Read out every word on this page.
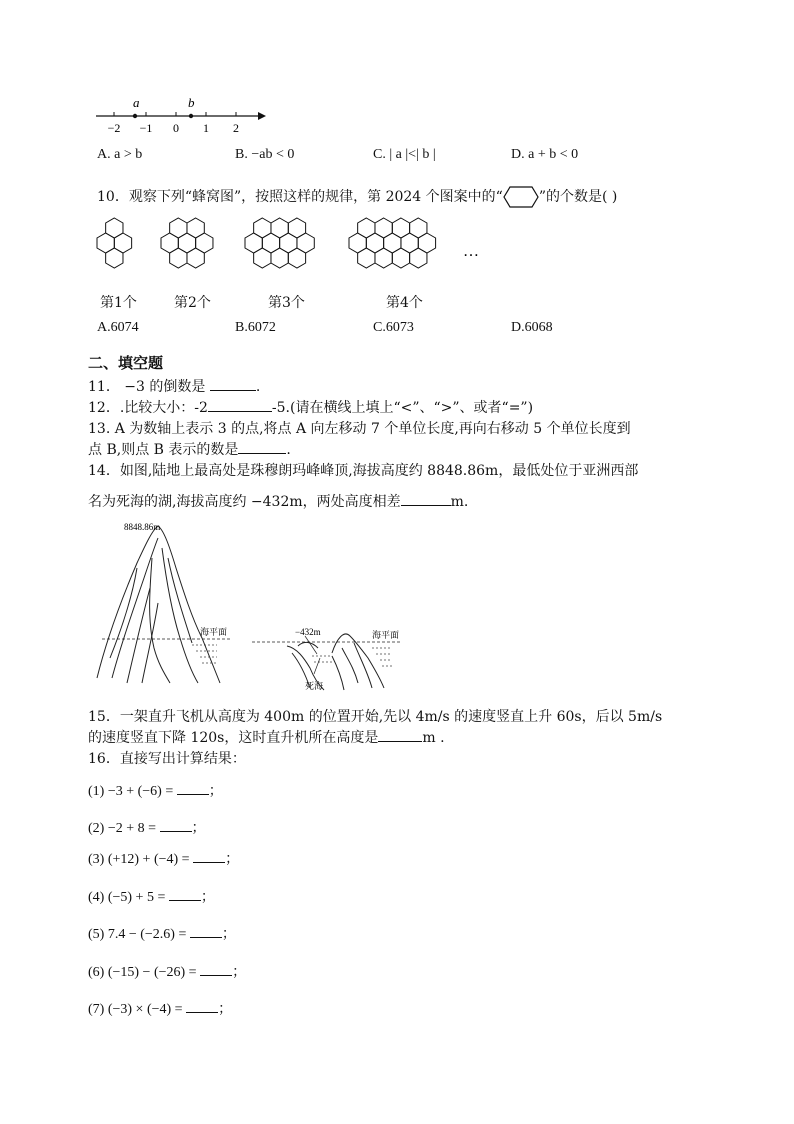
−2 −1 0 1 2
a	b
A. a > b	B. −ab < 0	C. | a |<| b |	D. a + b < 0
10．观察下列“蜂窝图”，按照这样的规律，第 2024 个图案中的“	”的个数是( )
…
第1个	第2个	第3个	第4个
A.6074	B.6072	C.6073	D.6068
二、填空题
11． −3 的倒数是	.
12．.比较大小：-2	-5.(请在横线上填上“<”、“>”、或者“=”)
13. A 为数轴上表示 3 的点,将点 A 向左移动 7 个单位长度,再向右移动 5 个单位长度到
点 B,则点 B 表示的数是	.
14．如图,陆地上最高处是珠穆朗玛峰峰顶,海拔高度约 8848.86m，最低处位于亚洲西部
名为死海的湖,海拔高度约 −432m，两处高度相差	m.
8848.86m
海平面	−432m	海平面
死海
15．一架直升飞机从高度为 400m 的位置开始,先以 4m/s 的速度竖直上升 60s，后以 5m/s
的速度竖直下降 120s，这时直升机所在高度是	m .
16．直接写出计算结果：
(1) −3 + (−6) =	；
(2) −2 + 8 =	；
(3) (+12) + (−4) =	；
(4) (−5) + 5 =	；
(5) 7.4 − (−2.6) =	；
(6) (−15) − (−26) =	；
(7) (−3) × (−4) =	；
